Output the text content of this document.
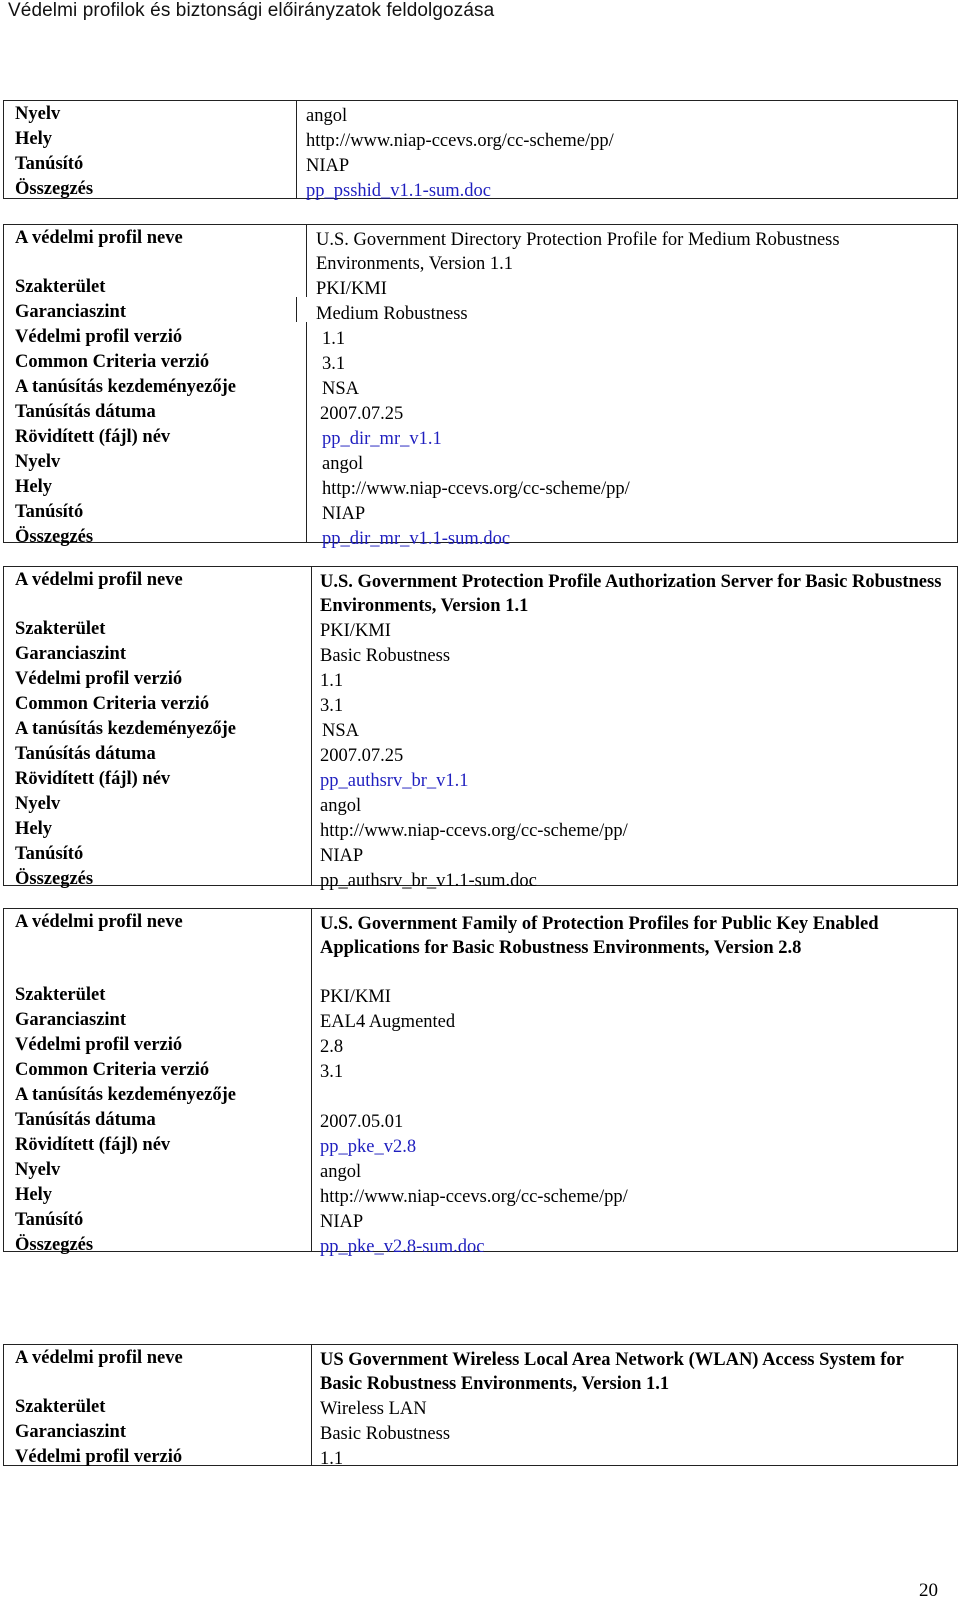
Védelmi profilok és biztonsági előirányzatok feldolgozása
Nyelv	angol
Hely	http://www.niap-ccevs.org/cc-scheme/pp/
Tanúsító	NIAP
Összegzés	pp_psshid_v1.1-sum.doc
A védelmi profil neve	U.S. Government Directory Protection Profile for Medium Robustness Environments, Version 1.1
Szakterület	PKI/KMI
Garanciaszint	Medium Robustness
Védelmi profil verzió	1.1
Common Criteria verzió	3.1
A tanúsítás kezdeményezője	NSA
Tanúsítás dátuma	2007.07.25
Rövidített (fájl) név	pp_dir_mr_v1.1
Nyelv	angol
Hely	http://www.niap-ccevs.org/cc-scheme/pp/
Tanúsító	NIAP
Összegzés	pp_dir_mr_v1.1-sum.doc
A védelmi profil neve	U.S. Government Protection Profile Authorization Server for Basic Robustness Environments, Version 1.1
Szakterület	PKI/KMI
Garanciaszint	Basic Robustness
Védelmi profil verzió	1.1
Common Criteria verzió	3.1
A tanúsítás kezdeményezője	NSA
Tanúsítás dátuma	2007.07.25
Rövidített (fájl) név	pp_authsrv_br_v1.1
Nyelv	angol
Hely	http://www.niap-ccevs.org/cc-scheme/pp/
Tanúsító	NIAP
Összegzés	pp_authsrv_br_v1.1-sum.doc
A védelmi profil neve	U.S. Government Family of Protection Profiles for Public Key Enabled Applications for Basic Robustness Environments, Version 2.8
Szakterület	PKI/KMI
Garanciaszint	EAL4 Augmented
Védelmi profil verzió	2.8
Common Criteria verzió	3.1
A tanúsítás kezdeményezője
Tanúsítás dátuma	2007.05.01
Rövidített (fájl) név	pp_pke_v2.8
Nyelv	angol
Hely	http://www.niap-ccevs.org/cc-scheme/pp/
Tanúsító	NIAP
Összegzés	pp_pke_v2.8-sum.doc
A védelmi profil neve	US Government Wireless Local Area Network (WLAN) Access System for Basic Robustness Environments, Version 1.1
Szakterület	Wireless LAN
Garanciaszint	Basic Robustness
Védelmi profil verzió	1.1
20
